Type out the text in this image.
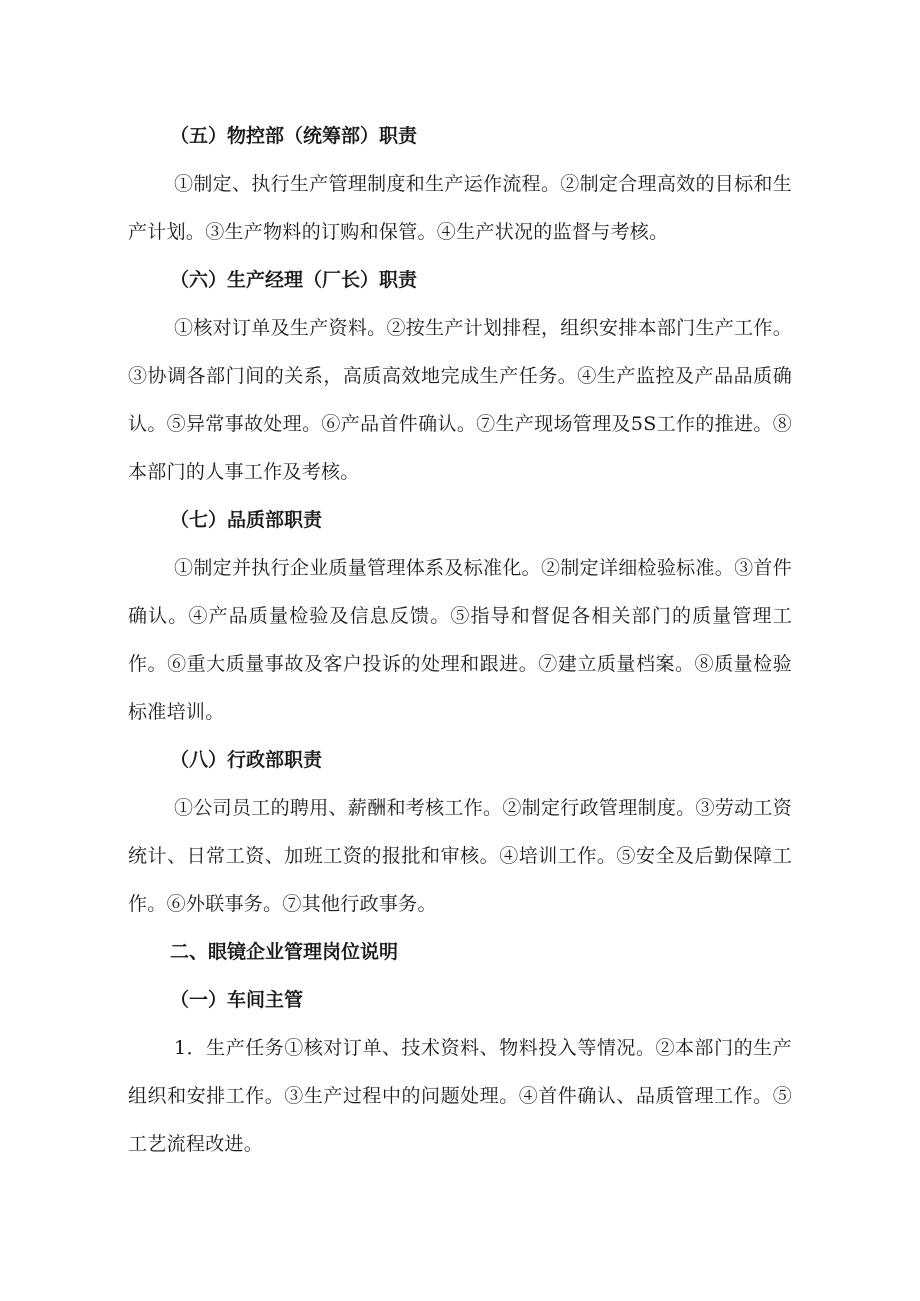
（五）物控部（统筹部）职责

①制定、执行生产管理制度和生产运作流程。②制定合理高效的目标和生产计划。③生产物料的订购和保管。④生产状况的监督与考核。

（六）生产经理（厂长）职责

①核对订单及生产资料。②按生产计划排程，组织安排本部门生产工作。③协调各部门间的关系，高质高效地完成生产任务。④生产监控及产品品质确认。⑤异常事故处理。⑥产品首件确认。⑦生产现场管理及5S工作的推进。⑧本部门的人事工作及考核。

（七）品质部职责

①制定并执行企业质量管理体系及标准化。②制定详细检验标准。③首件确认。④产品质量检验及信息反馈。⑤指导和督促各相关部门的质量管理工作。⑥重大质量事故及客户投诉的处理和跟进。⑦建立质量档案。⑧质量检验标准培训。

（八）行政部职责

①公司员工的聘用、薪酬和考核工作。②制定行政管理制度。③劳动工资统计、日常工资、加班工资的报批和审核。④培训工作。⑤安全及后勤保障工作。⑥外联事务。⑦其他行政事务。

二、眼镜企业管理岗位说明
（一）车间主管

1．生产任务①核对订单、技术资料、物料投入等情况。②本部门的生产组织和安排工作。③生产过程中的问题处理。④首件确认、品质管理工作。⑤工艺流程改进。
